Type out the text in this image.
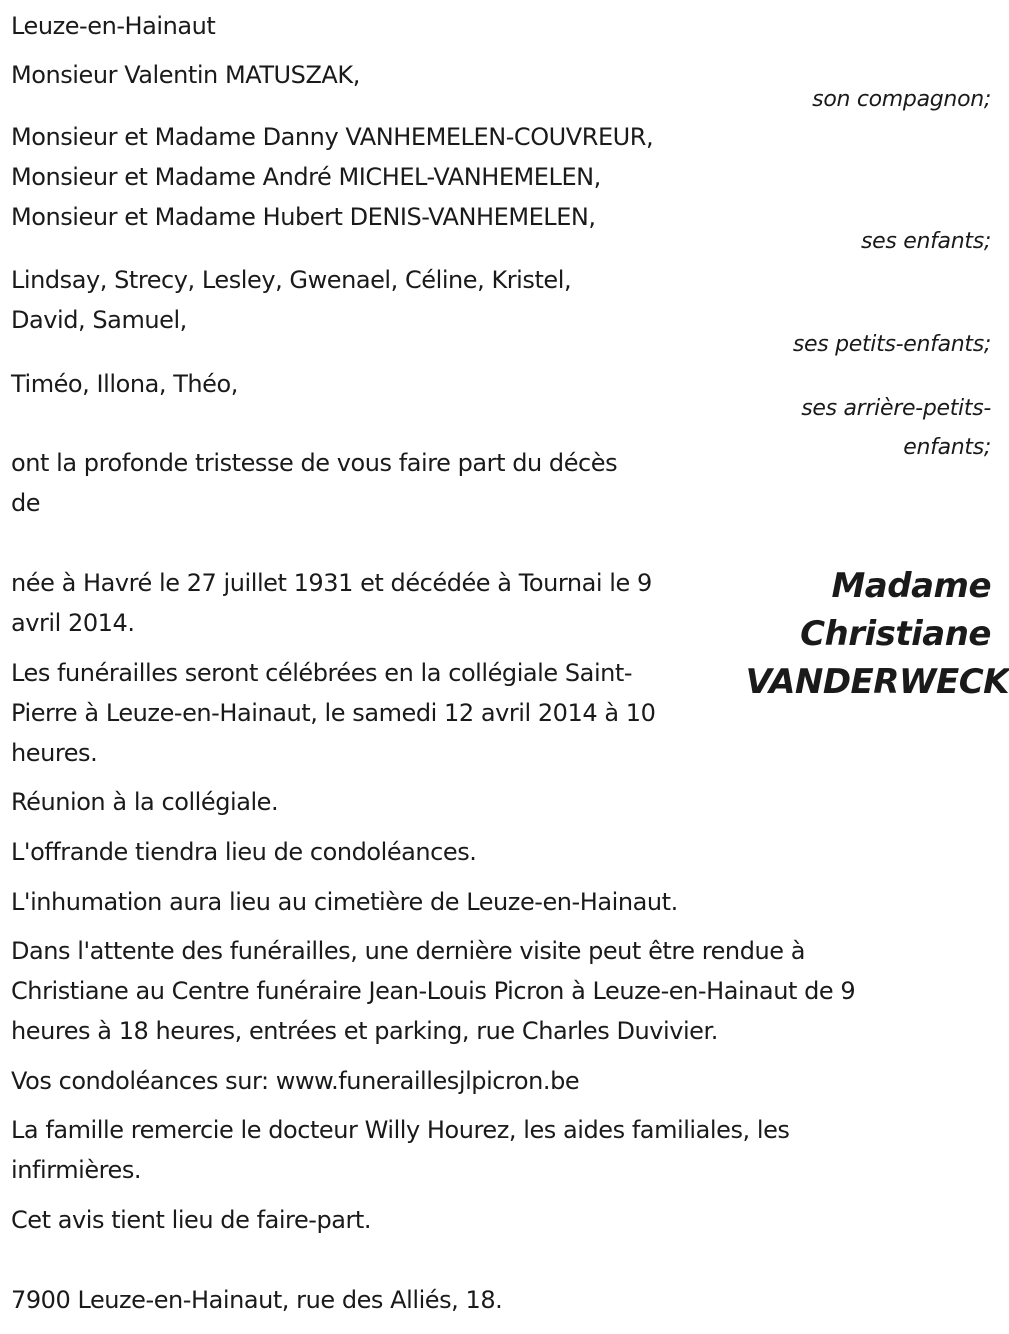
Leuze-en-Hainaut

Monsieur Valentin MATUSZAK,

son compagnon;

Monsieur et Madame Danny VANHEMELEN-COUVREUR,

Monsieur et Madame André MICHEL-VANHEMELEN,

Monsieur et Madame Hubert DENIS-VANHEMELEN,

ses enfants;

Lindsay, Strecy, Lesley, Gwenael, Céline, Kristel,

David, Samuel,

ses petits-enfants;

Timéo, Illona, Théo,

ses arrière-petits-

enfants;

ont la profonde tristesse de vous faire part du décès

de

Madame
Christiane
VANDERWECK

née à Havré le 27 juillet 1931 et décédée à Tournai le 9

avril 2014.

Les funérailles seront célébrées en la collégiale Saint-

Pierre à Leuze-en-Hainaut, le samedi 12 avril 2014 à 10

heures.

Réunion à la collégiale.

L'offrande tiendra lieu de condoléances.

L'inhumation aura lieu au cimetière de Leuze-en-Hainaut.

Dans l'attente des funérailles, une dernière visite peut être rendue à

Christiane au Centre funéraire Jean-Louis Picron à Leuze-en-Hainaut de 9

heures à 18 heures, entrées et parking, rue Charles Duvivier.

Vos condoléances sur: www.funeraillesjlpicron.be

La famille remercie le docteur Willy Hourez, les aides familiales, les

infirmières.

Cet avis tient lieu de faire-part.

7900 Leuze-en-Hainaut, rue des Alliés, 18.
